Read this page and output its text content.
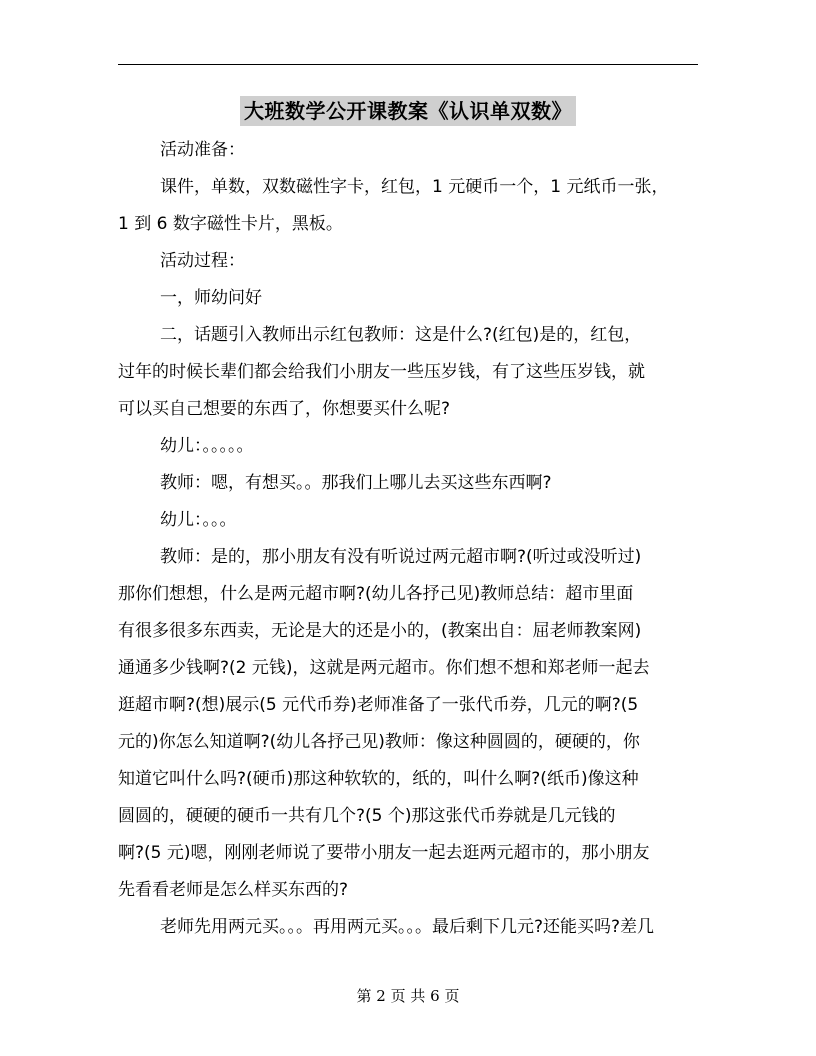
大班数学公开课教案《认识单双数》
活动准备：
课件，单数，双数磁性字卡，红包，1 元硬币一个，1 元纸币一张，
1 到 6 数字磁性卡片，黑板。
活动过程：
一，师幼问好
二，话题引入教师出示红包教师：这是什么?(红包)是的，红包，
过年的时候长辈们都会给我们小朋友一些压岁钱，有了这些压岁钱，就
可以买自己想要的东西了，你想要买什么呢?
幼儿：。。。。。
教师：嗯，有想买。。那我们上哪儿去买这些东西啊?
幼儿：。。。
教师：是的，那小朋友有没有听说过两元超市啊?(听过或没听过)
那你们想想，什么是两元超市啊?(幼儿各抒己见)教师总结：超市里面
有很多很多东西卖，无论是大的还是小的，(教案出自：屈老师教案网)
通通多少钱啊?(2 元钱)，这就是两元超市。你们想不想和郑老师一起去
逛超市啊?(想)展示(5 元代币券)老师准备了一张代币券，几元的啊?(5
元的)你怎么知道啊?(幼儿各抒己见)教师：像这种圆圆的，硬硬的，你
知道它叫什么吗?(硬币)那这种软软的，纸的，叫什么啊?(纸币)像这种
圆圆的，硬硬的硬币一共有几个?(5 个)那这张代币券就是几元钱的
啊?(5 元)嗯，刚刚老师说了要带小朋友一起去逛两元超市的，那小朋友
先看看老师是怎么样买东西的?
老师先用两元买。。。再用两元买。。。最后剩下几元?还能买吗?差几
第 2 页 共 6 页
